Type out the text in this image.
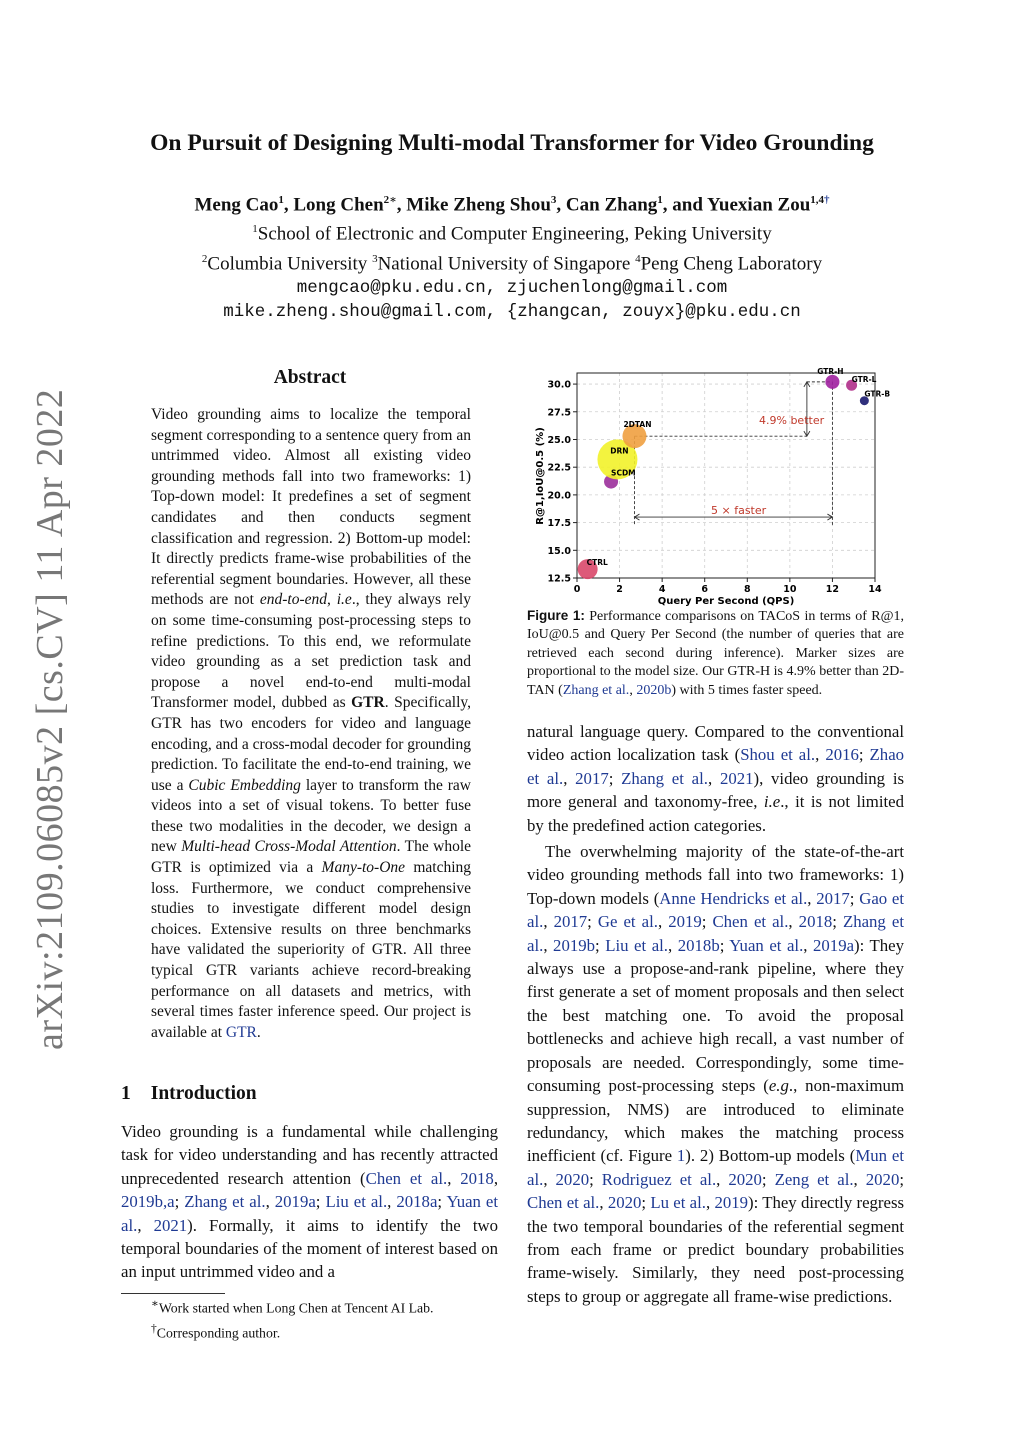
arXiv:2109.06085v2 [cs.CV] 11 Apr 2022
On Pursuit of Designing Multi-modal Transformer for Video Grounding
Meng Cao$^1$, Long Chen$^{2∗}$, Mike Zheng Shou$^3$, Can Zhang$^1$, and Yuexian Zou$^{1,4\dagger}$
$^1$School of Electronic and Computer Engineering, Peking University
$^2$Columbia University $^3$National University of Singapore $^4$Peng Cheng Laboratory
mengcao@pku.edu.cn, zjuchenlong@gmail.com
mike.zheng.shou@gmail.com, {zhangcan, zouyx}@pku.edu.cn
Abstract

Video grounding aims to localize the temporal segment corresponding to a sentence query from an untrimmed video. Almost all existing video grounding methods fall into two frameworks: 1) Top-down model: It predefines a set of segment candidates and then conducts segment classification and regression. 2) Bottom-up model: It directly predicts frame-wise probabilities of the referential segment boundaries. However, all these methods are not end-to-end, i.e., they always rely on some time-consuming post-processing steps to refine predictions. To this end, we reformulate video grounding as a set prediction task and propose a novel end-to-end multi-modal Transformer model, dubbed as GTR. Specifically, GTR has two encoders for video and language encoding, and a cross-modal decoder for grounding prediction. To facilitate the end-to-end training, we use a Cubic Embedding layer to transform the raw videos into a set of visual tokens. To better fuse these two modalities in the decoder, we design a new Multi-head Cross-Modal Attention. The whole GTR is optimized via a Many-to-One matching loss. Furthermore, we conduct comprehensive studies to investigate different model design choices. Extensive results on three benchmarks have validated the superiority of GTR. All three typical GTR variants achieve record-breaking performance on all datasets and metrics, with several times faster inference speed. Our project is available at GTR.

1 Introduction

Video grounding is a fundamental while challenging task for video understanding and has recently attracted unprecedented research attention (Chen et al., 2018, 2019b,a; Zhang et al., 2019a; Liu et al., 2018a; Yuan et al., 2021). Formally, it aims to identify the two temporal boundaries of the moment of interest based on an input untrimmed video and a

∗Work started when Long Chen at Tencent AI Lab.
†Corresponding author.
0	2	4	6	8	10	12	14
12.5
15.0
17.5
20.0
22.5
25.0
27.5
30.0
CTRL
SCDM
DRN
2DTAN
GTR-H
GTR-L
GTR-B
4.9% better
5 × faster
Query Per Second (QPS)
R@1,IoU@0.5 (%)
Figure 1: Performance comparisons on TACoS in terms of R@1, IoU@0.5 and Query Per Second (the number of queries that are retrieved each second during inference). Marker sizes are proportional to the model size. Our GTR-H is 4.9% better than 2D-TAN (Zhang et al., 2020b) with 5 times faster speed.

natural language query. Compared to the conventional video action localization task (Shou et al., 2016; Zhao et al., 2017; Zhang et al., 2021), video grounding is more general and taxonomy-free, i.e., it is not limited by the predefined action categories.

The overwhelming majority of the state-of-the-art video grounding methods fall into two frameworks: 1) Top-down models (Anne Hendricks et al., 2017; Gao et al., 2017; Ge et al., 2019; Chen et al., 2018; Zhang et al., 2019b; Liu et al., 2018b; Yuan et al., 2019a): They always use a propose-and-rank pipeline, where they first generate a set of moment proposals and then select the best matching one. To avoid the proposal bottlenecks and achieve high recall, a vast number of proposals are needed. Correspondingly, some time-consuming post-processing steps (e.g., non-maximum suppression, NMS) are introduced to eliminate redundancy, which makes the matching process inefficient (cf. Figure 1). 2) Bottom-up models (Mun et al., 2020; Rodriguez et al., 2020; Zeng et al., 2020; Chen et al., 2020; Lu et al., 2019): They directly regress the two temporal boundaries of the referential segment from each frame or predict boundary probabilities frame-wisely. Similarly, they need post-processing steps to group or aggregate all frame-wise predictions.
